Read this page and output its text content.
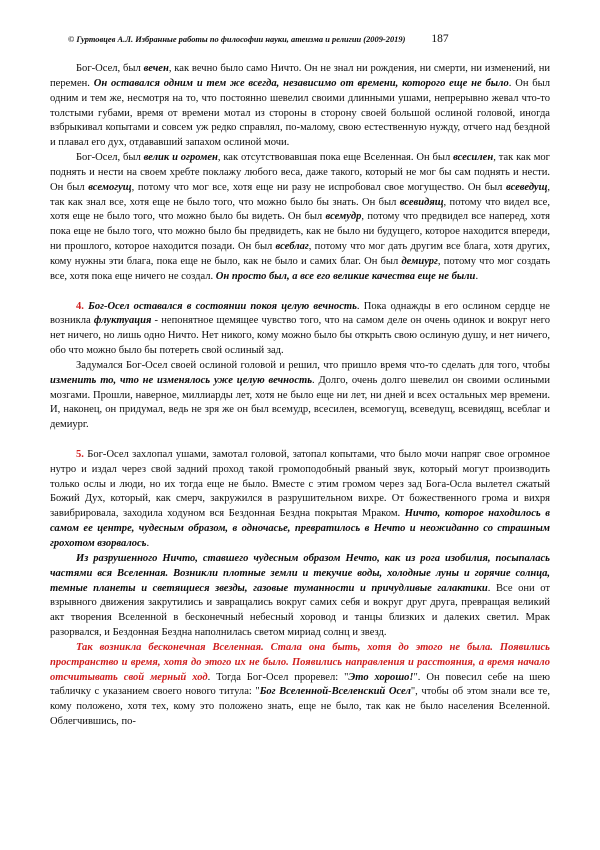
© Гуртовцев А.Л. Избранные работы по философии науки, атеизма и религии (2009-2019) 187

Бог-Осел, был вечен, как вечно было само Ничто. Он не знал ни рождения, ни смерти, ни изменений, ни перемен. Он оставался одним и тем же всегда, независимо от времени, которого еще не было. Он был одним и тем же, несмотря на то, что постоянно шевелил своими длинными ушами, непрерывно жевал что-то толстыми губами, время от времени мотал из стороны в сторону своей большой ослиной головой, иногда взбрыкивал копытами и совсем уж редко справлял, по-малому, свою естественную нужду, отчего над бездной и плавал его дух, отдававший запахом ослиной мочи.

Бог-Осел, был велик и огромен, как отсутствовавшая пока еще Вселенная. Он был всесилен, так как мог поднять и нести на своем хребте поклажу любого веса, даже такого, который не мог бы сам поднять и нести. Он был всемогущ, потому что мог все, хотя еще ни разу не испробовал свое могущество. Он был всеведущ, так как знал все, хотя еще не было того, что можно было бы знать. Он был всевидящ, потому что видел все, хотя еще не было того, что можно было бы видеть. Он был всемудр, потому что предвидел все наперед, хотя пока еще не было того, что можно было бы предвидеть, как не было ни будущего, которое находится впереди, ни прошлого, которое находится позади. Он был всеблаг, потому что мог дать другим все блага, хотя других, кому нужны эти блага, пока еще не было, как не было и самих благ. Он был демиург, потому что мог создать все, хотя пока еще ничего не создал. Он просто был, а все его великие качества еще не были.

4. Бог-Осел оставался в состоянии покоя целую вечность. Пока однажды в его ослином сердце не возникла флуктуация - непонятное щемящее чувство того, что на самом деле он очень одинок и вокруг него нет ничего, но лишь одно Ничто. Нет никого, кому можно было бы открыть свою ослиную душу, и нет ничего, обо что можно было бы потереть свой ослиный зад.

Задумался Бог-Осел своей ослиной головой и решил, что пришло время что-то сделать для того, чтобы изменить то, что не изменялось уже целую вечность. Долго, очень долго шевелил он своими ослиными мозгами. Прошли, наверное, миллиарды лет, хотя не было еще ни лет, ни дней и всех остальных мер времени. И, наконец, он придумал, ведь не зря же он был всемудр, всесилен, всемогущ, всеведущ, всевидящ, всеблаг и демиург.

5. Бог-Осел захлопал ушами, замотал головой, затопал копытами, что было мочи напряг свое огромное нутро и издал через свой задний проход такой громоподобный рваный звук, который могут производить только ослы и люди, но их тогда еще не было. Вместе с этим громом через зад Бога-Осла вылетел сжатый Божий Дух, который, как смерч, закружился в разрушительном вихре. От божественного грома и вихря завибрировала, заходила ходуном вся Бездонная Бездна покрытая Мраком. Ничто, которое находилось в самом ее центре, чудесным образом, в одночасье, превратилось в Нечто и неожиданно со страшным грохотом взорвалось.

Из разрушенного Ничто, ставшего чудесным образом Нечто, как из рога изобилия, посыпалась частями вся Вселенная. Возникли плотные земли и текучие воды, холодные луны и горячие солнца, темные планеты и светящиеся звезды, газовые туманности и причудливые галактики. Все они от взрывного движения закрутились и завращались вокруг самих себя и вокруг друг друга, превращая великий акт творения Вселенной в бесконечный небесный хоровод и танцы близких и далеких светил. Мрак разорвался, и Бездонная Бездна наполнилась светом мириад солнц и звезд.

Так возникла бесконечная Вселенная. Стала она быть, хотя до этого не была. Появились пространство и время, хотя до этого их не было. Появились направления и расстояния, а время начало отсчитывать свой мерный ход. Тогда Бог-Осел проревел: "Это хорошо!". Он повесил себе на шею табличку с указанием своего нового титула: "Бог Вселенной-Вселенский Осел", чтобы об этом знали все те, кому положено, хотя тех, кому это положено знать, еще не было, так как не было населения Вселенной. Облегчившись, по-
